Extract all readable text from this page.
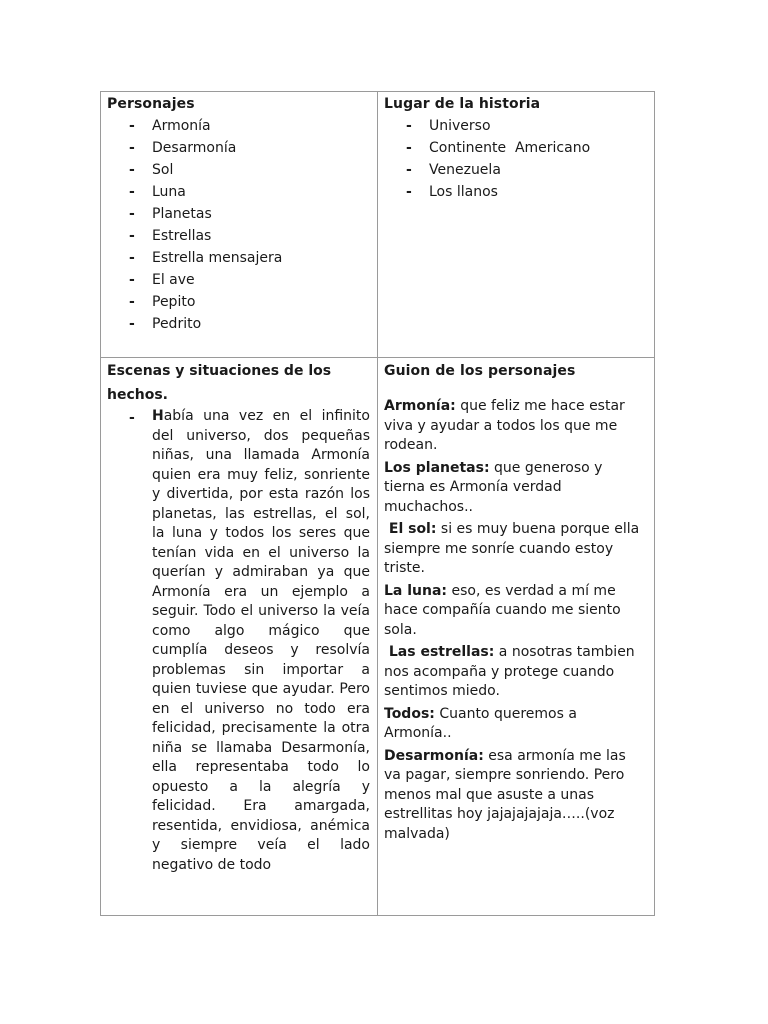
Personajes
- Armonía
- Desarmonía
- Sol
- Luna
- Planetas
- Estrellas
- Estrella mensajera
- El ave
- Pepito
- Pedrito
Lugar de la historia
- Universo
- Continente  Americano
- Venezuela
- Los llanos
Escenas y situaciones de los hechos.
- Había una vez en el infinito del universo, dos pequeñas niñas, una llamada Armonía quien era muy feliz, sonriente y divertida, por esta razón los planetas, las estrellas, el sol, la luna y todos los seres que tenían vida en el universo la querían y admiraban ya que Armonía era un ejemplo a seguir. Todo el universo la veía como algo mágico que cumplía deseos y resolvía problemas sin importar a quien tuviese que ayudar. Pero en el universo no todo era felicidad, precisamente la otra niña se llamaba Desarmonía, ella representaba todo lo opuesto a la alegría y felicidad. Era amargada, resentida, envidiosa, anémica y siempre veía el lado negativo de todo

Guion de los personajes

Armonía: que feliz me hace estar viva y ayudar a todos los que me rodean.

Los planetas: que generoso y tierna es Armonía verdad muchachos..

El sol: si es muy buena porque ella siempre me sonríe cuando estoy triste.

La luna: eso, es verdad a mí me hace compañía cuando me siento sola.

Las estrellas: a nosotras tambien nos acompaña y protege cuando sentimos miedo.

Todos: Cuanto queremos a Armonía..

Desarmonía: esa armonía me las va pagar, siempre sonriendo. Pero menos mal que asuste a unas estrellitas hoy jajajajajaja…..(voz malvada)
